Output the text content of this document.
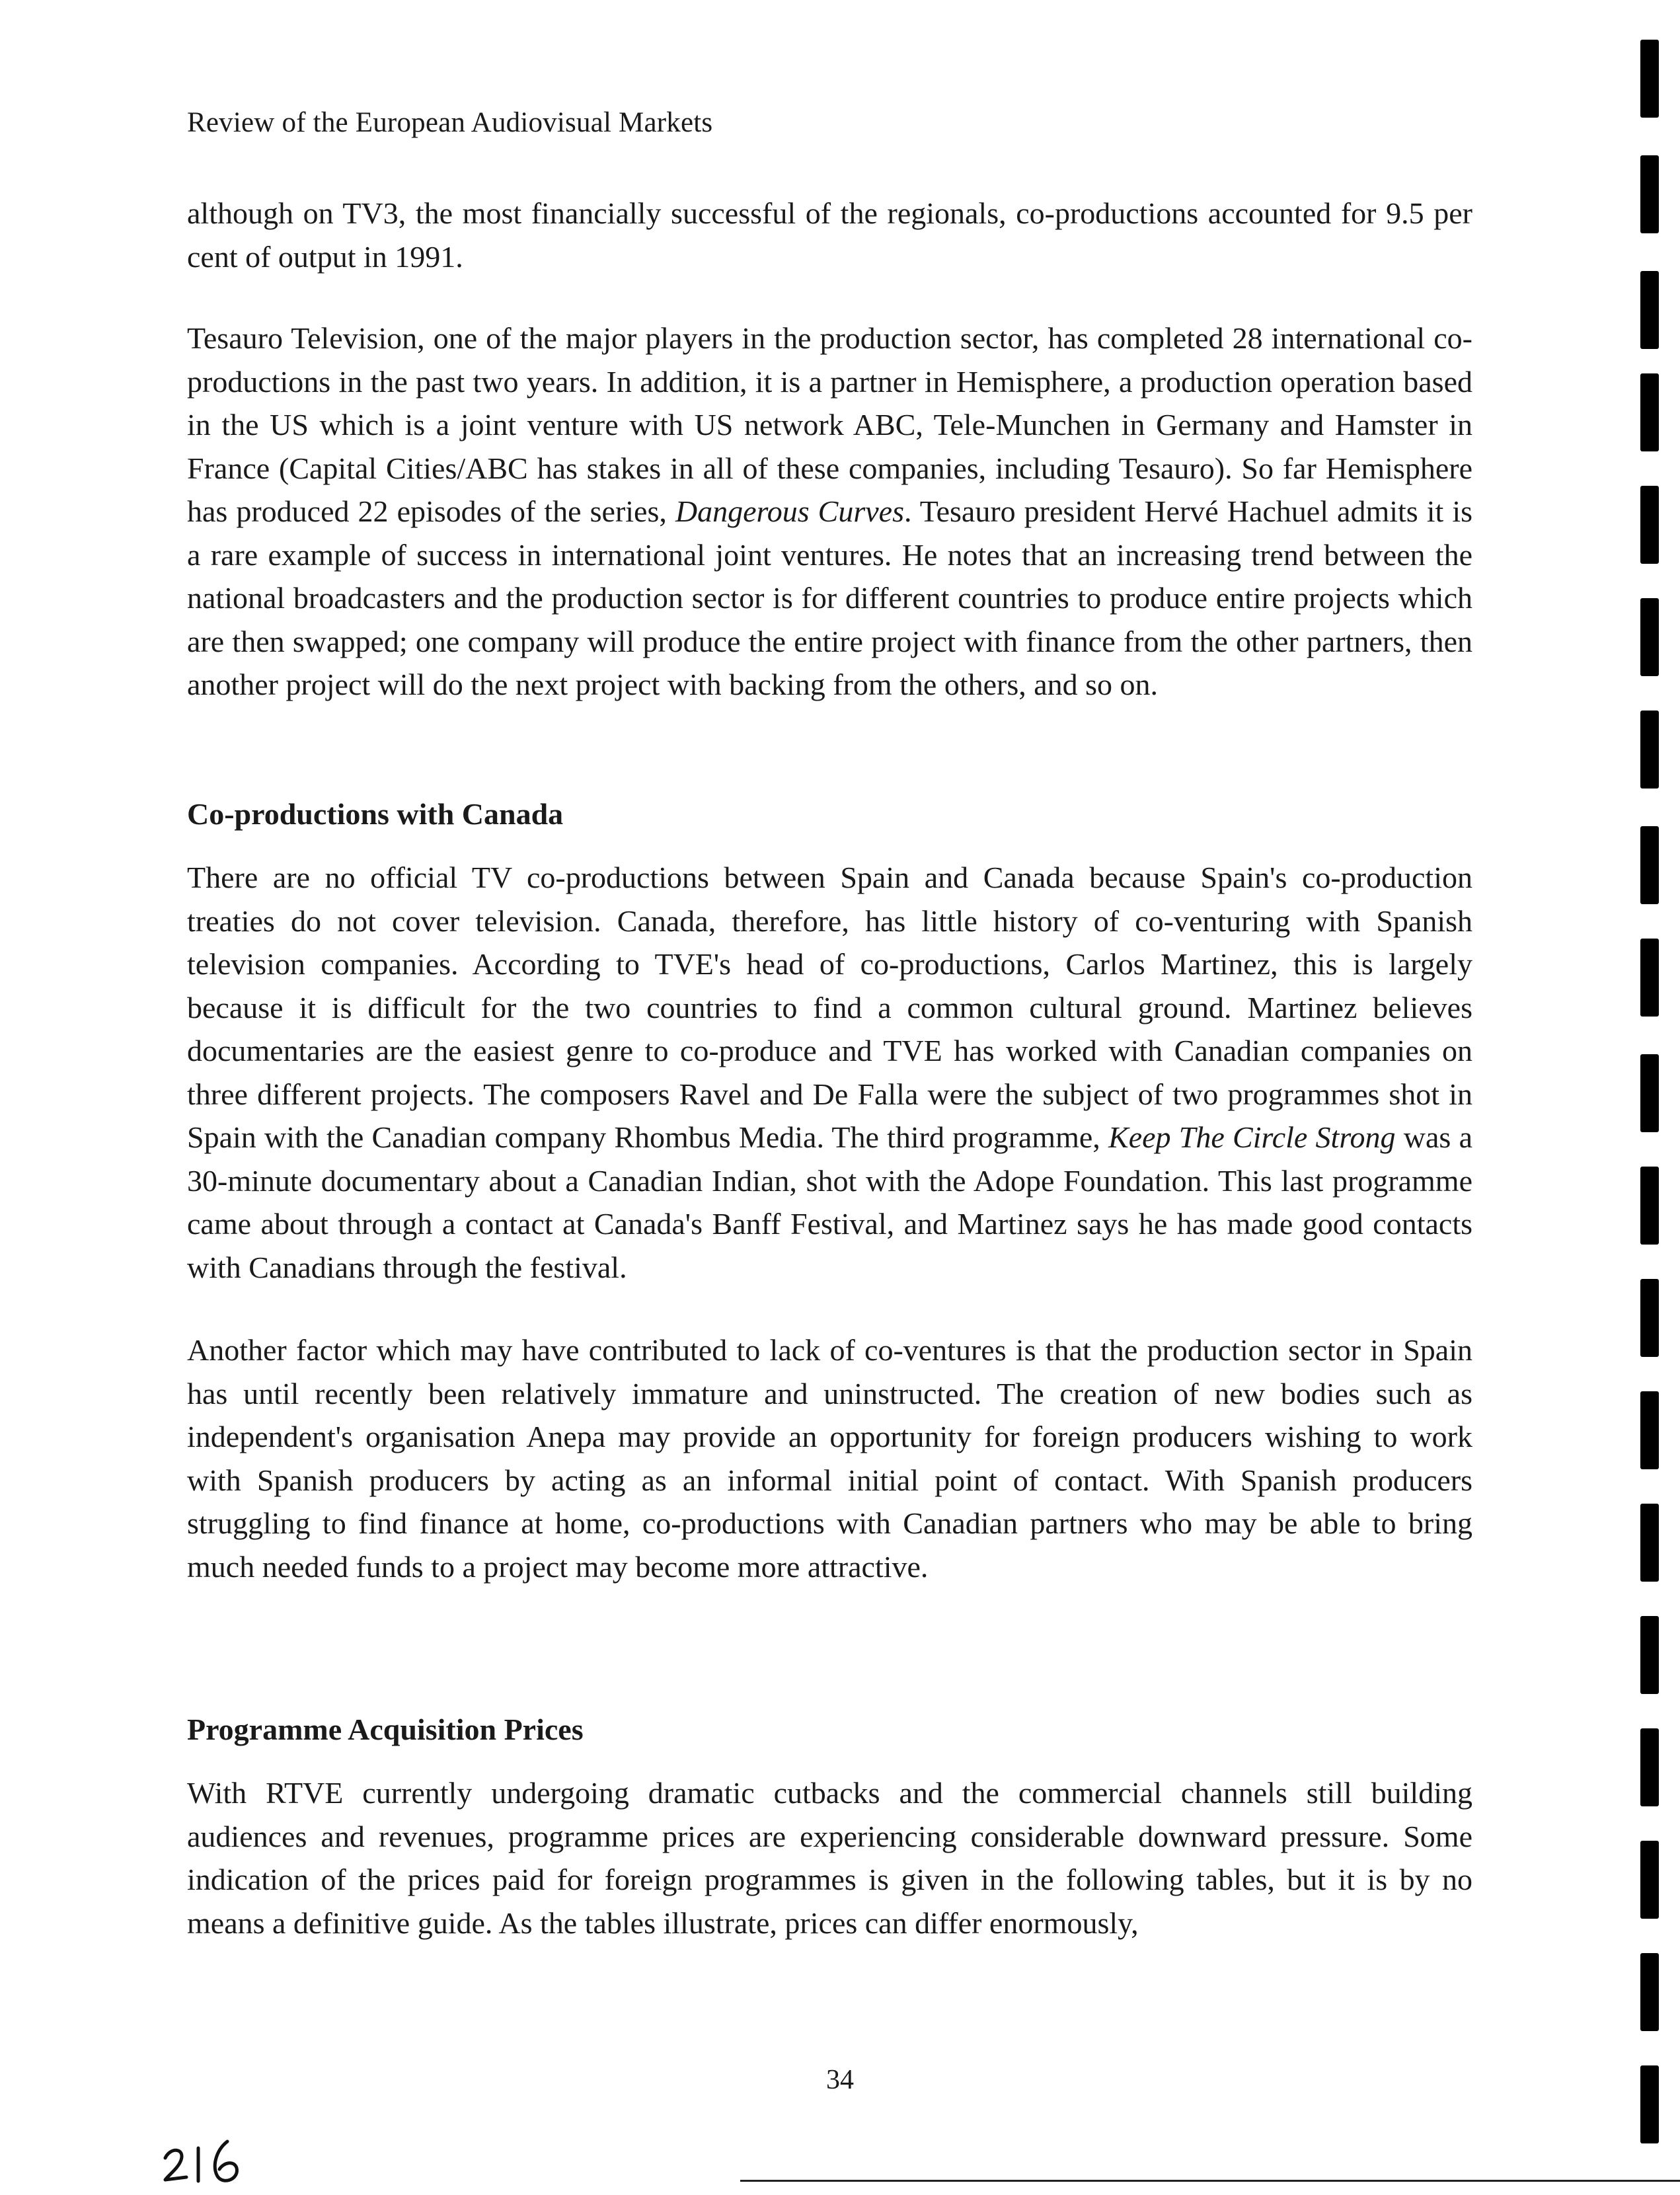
Review of the European Audiovisual Markets

although on TV3, the most financially successful of the regionals, co-productions accounted for 9.5 per cent of output in 1991.

Tesauro Television, one of the major players in the production sector, has completed 28 international co-productions in the past two years. In addition, it is a partner in Hemisphere, a production operation based in the US which is a joint venture with US network ABC, Tele-Munchen in Germany and Hamster in France (Capital Cities/ABC has stakes in all of these companies, including Tesauro). So far Hemisphere has produced 22 episodes of the series, Dangerous Curves. Tesauro president Hervé Hachuel admits it is a rare example of success in international joint ventures. He notes that an increasing trend between the national broadcasters and the production sector is for different countries to produce entire projects which are then swapped; one company will produce the entire project with finance from the other partners, then another project will do the next project with backing from the others, and so on.

Co-productions with Canada

There are no official TV co-productions between Spain and Canada because Spain's co-production treaties do not cover television. Canada, therefore, has little history of co-venturing with Spanish television companies. According to TVE's head of co-productions, Carlos Martinez, this is largely because it is difficult for the two countries to find a common cultural ground. Martinez believes documentaries are the easiest genre to co-produce and TVE has worked with Canadian companies on three different projects. The composers Ravel and De Falla were the subject of two programmes shot in Spain with the Canadian company Rhombus Media. The third programme, Keep The Circle Strong was a 30-minute documentary about a Canadian Indian, shot with the Adope Foundation. This last programme came about through a contact at Canada's Banff Festival, and Martinez says he has made good contacts with Canadians through the festival.

Another factor which may have contributed to lack of co-ventures is that the production sector in Spain has until recently been relatively immature and uninstructed. The creation of new bodies such as independent's organisation Anepa may provide an opportunity for foreign producers wishing to work with Spanish producers by acting as an informal initial point of contact. With Spanish producers struggling to find finance at home, co-productions with Canadian partners who may be able to bring much needed funds to a project may become more attractive.

Programme Acquisition Prices

With RTVE currently undergoing dramatic cutbacks and the commercial channels still building audiences and revenues, programme prices are experiencing considerable downward pressure. Some indication of the prices paid for foreign programmes is given in the following tables, but it is by no means a definitive guide. As the tables illustrate, prices can differ enormously,

34
